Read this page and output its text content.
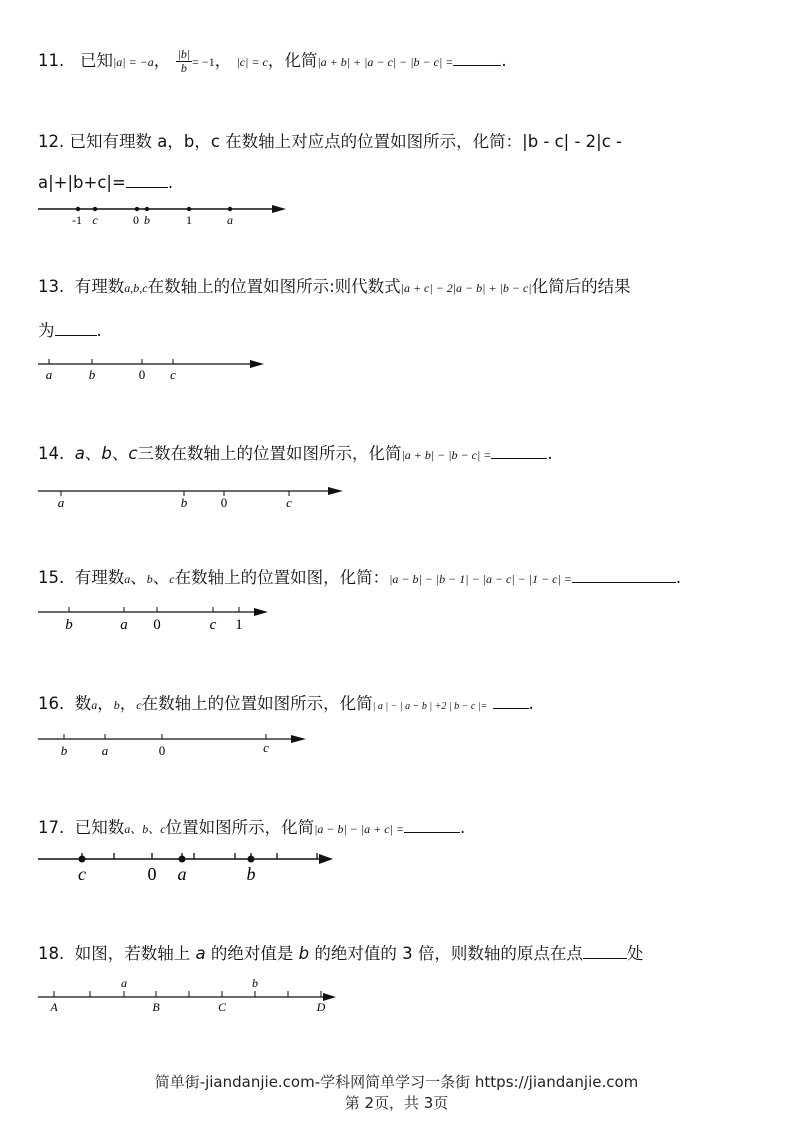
11. 已知|a| = −a， $\frac{|b|}{b}= -1$， |c| = c，化简|a + b| + |a − c| − |b − c| =	.
12. 已知有理数 a，b，c 在数轴上对应点的位置如图所示，化简：|b - c| - 2|c -
a|+|b+c|=	.
-1 c	0 b	1	a
13. 有理数a,b,c在数轴上的位置如图所示:则代数式|a + c| − 2|a − b| + |b − c|化简后的结果
为	.
a	b	0 c
14. a、b、c三数在数轴上的位置如图所示，化简|a + b| − |b − c| =	.
a	b	0	c
15. 有理数a、b、c在数轴上的位置如图，化简：|a − b| − |b − 1| − |a − c| − |1 − c| =	.
b	a 0	c 1
16. 数a，b，c在数轴上的位置如图所示，化简| a | − | a − b | +2 | b − c |=	.
b	a	0	c
17. 已知数a、b、c位置如图所示，化简|a − b| − |a + c| =	.
c	0 a	b
18. 如图，若数轴上 a 的绝对值是 b 的绝对值的 3 倍，则数轴的原点在点	处
a	b
A	B	C	D
简单街-jiandanjie.com-学科网简单学习一条街 https://jiandanjie.com
第 2页，共 3页
